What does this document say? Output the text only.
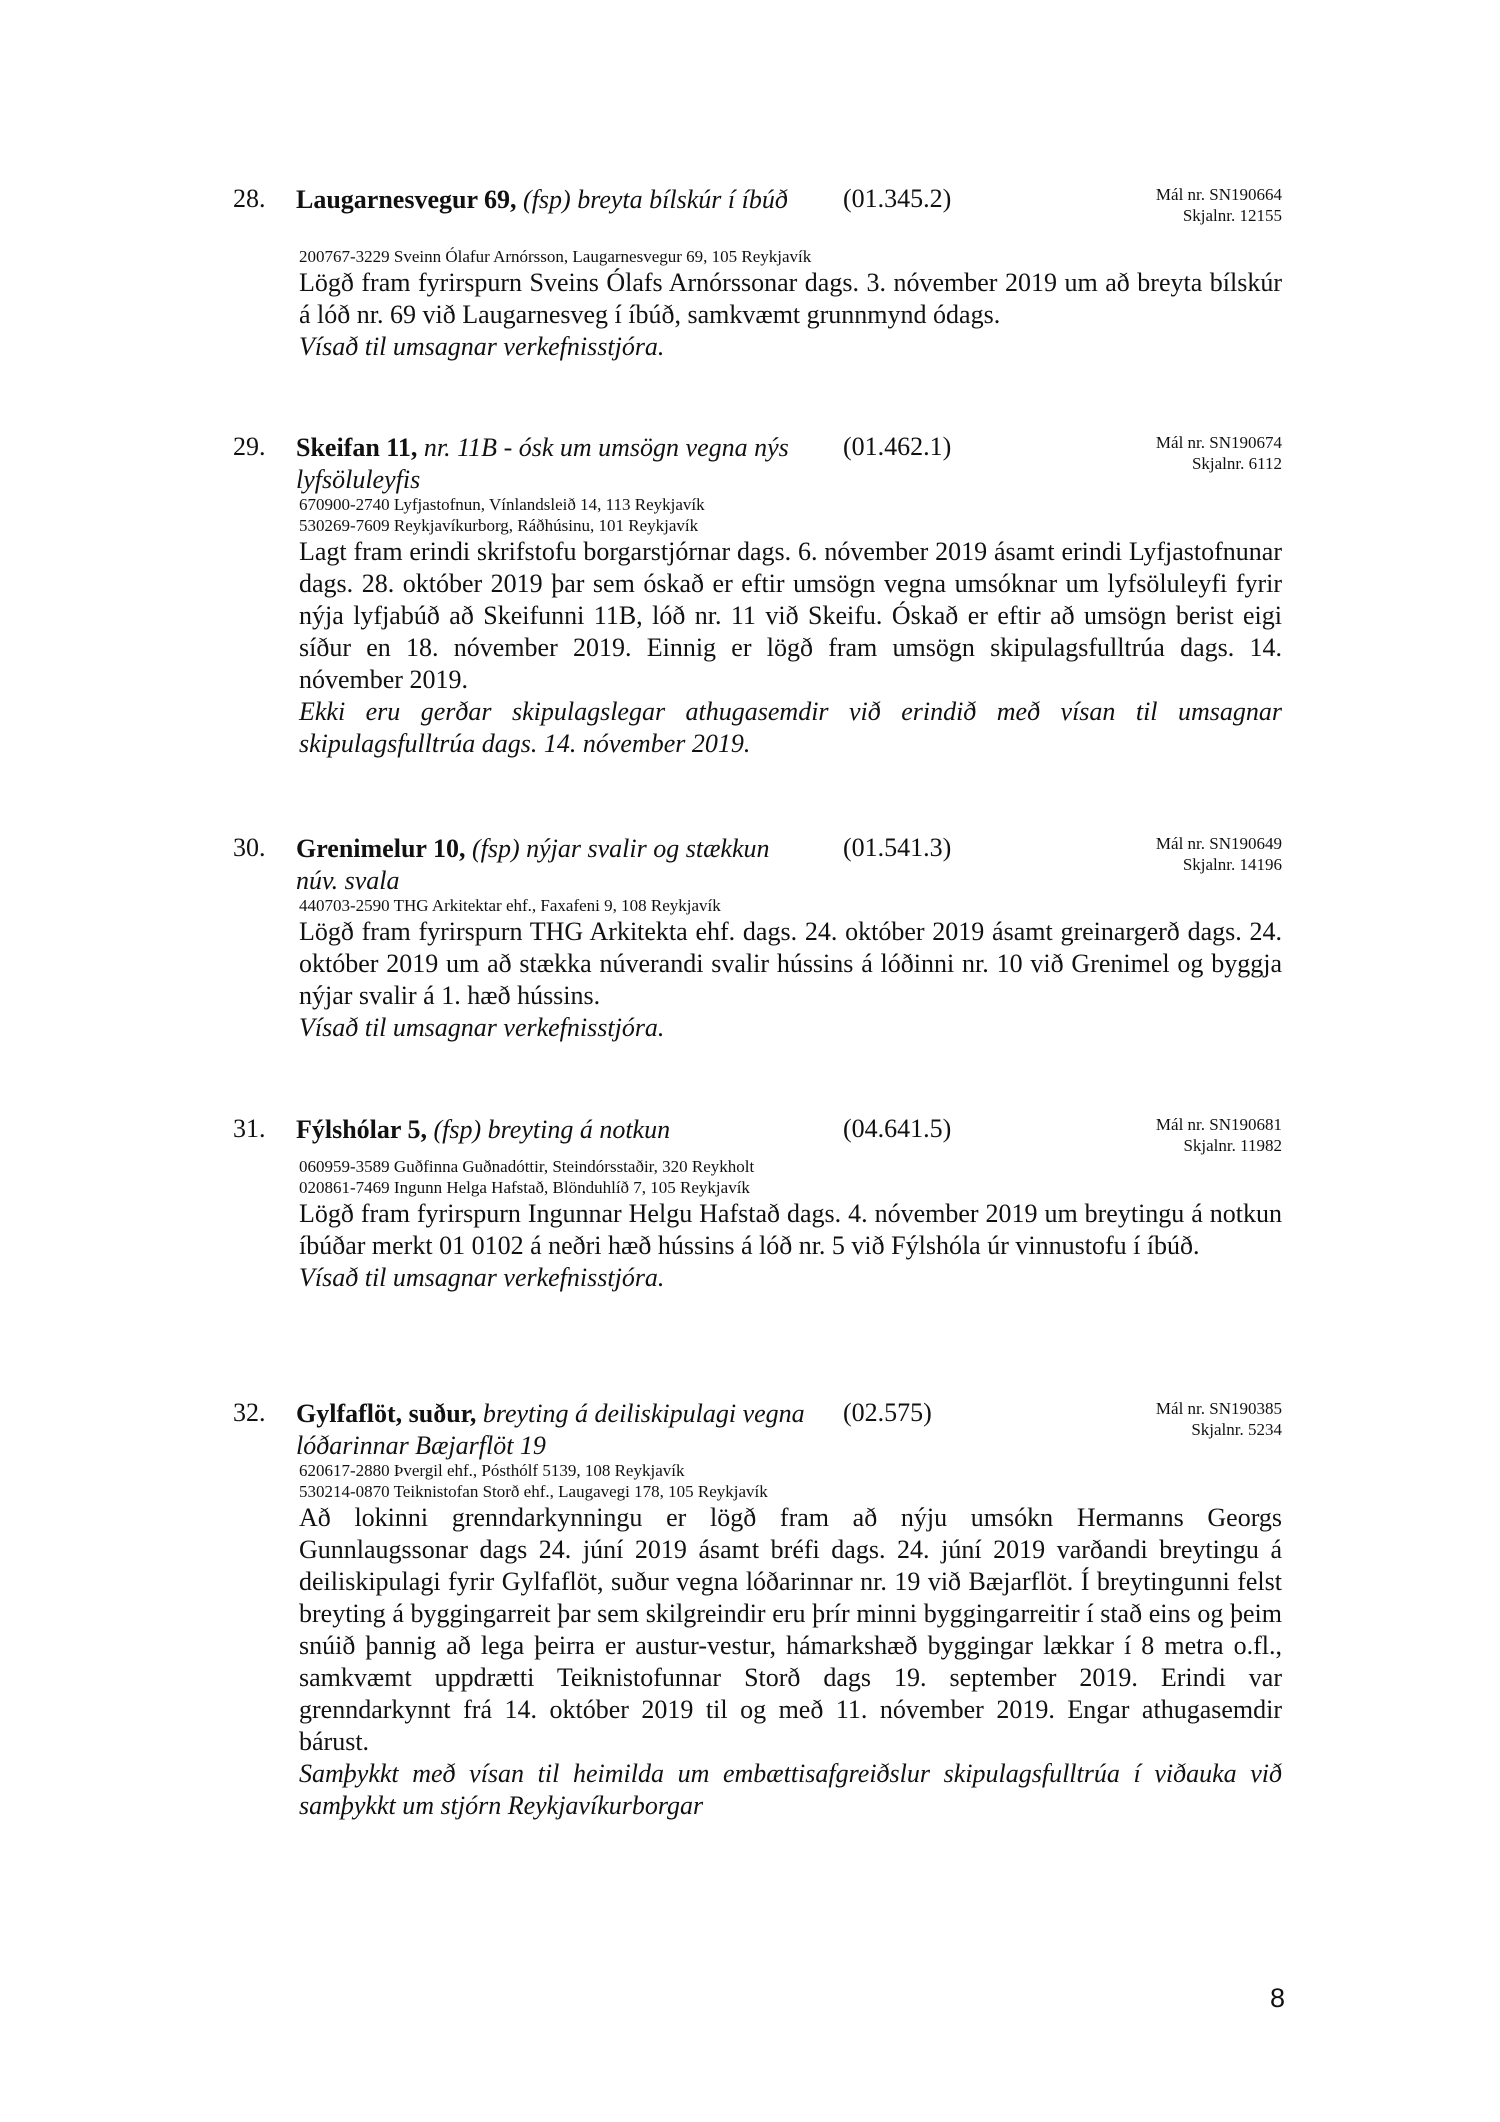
28. Laugarnesvegur 69, (fsp) breyta bílskúr í íbúð	(01.345.2)	Mál nr. SN190664
Skjalnr. 12155
200767-3229 Sveinn Ólafur Arnórsson, Laugarnesvegur 69, 105 Reykjavík

Lögð fram fyrirspurn Sveins Ólafs Arnórssonar dags. 3. nóvember 2019 um að breyta bílskúr á lóð nr. 69 við Laugarnesveg í íbúð, samkvæmt grunnmynd ódags.

Vísað til umsagnar verkefnisstjóra.

29. Skeifan 11, nr. 11B - ósk um umsögn vegna nýs lyfsöluleyfis
(01.462.1)	Mál nr. SN190674
Skjalnr. 6112
670900-2740 Lyfjastofnun, Vínlandsleið 14, 113 Reykjavík
530269-7609 Reykjavíkurborg, Ráðhúsinu, 101 Reykjavík

Lagt fram erindi skrifstofu borgarstjórnar dags. 6. nóvember 2019 ásamt erindi Lyfjastofnunar dags. 28. október 2019 þar sem óskað er eftir umsögn vegna umsóknar um lyfsöluleyfi fyrir nýja lyfjabúð að Skeifunni 11B, lóð nr. 11 við Skeifu. Óskað er eftir að umsögn berist eigi síður en 18. nóvember 2019. Einnig er lögð fram umsögn skipulagsfulltrúa dags. 14. nóvember 2019.

Ekki eru gerðar skipulagslegar athugasemdir við erindið með vísan til umsagnar skipulagsfulltrúa dags. 14. nóvember 2019.

30. Grenimelur 10, (fsp) nýjar svalir og stækkun núv. svala
(01.541.3)	Mál nr. SN190649
Skjalnr. 14196
440703-2590 THG Arkitektar ehf., Faxafeni 9, 108 Reykjavík

Lögð fram fyrirspurn THG Arkitekta ehf. dags. 24. október 2019 ásamt greinargerð dags. 24. október 2019 um að stækka núverandi svalir hússins á lóðinni nr. 10 við Grenimel og byggja nýjar svalir á 1. hæð hússins.

Vísað til umsagnar verkefnisstjóra.

31. Fýlshólar 5, (fsp) breyting á notkun	(04.641.5)	Mál nr. SN190681
Skjalnr. 11982
060959-3589 Guðfinna Guðnadóttir, Steindórsstaðir, 320 Reykholt
020861-7469 Ingunn Helga Hafstað, Blönduhlíð 7, 105 Reykjavík

Lögð fram fyrirspurn Ingunnar Helgu Hafstað dags. 4. nóvember 2019 um breytingu á notkun íbúðar merkt 01 0102 á neðri hæð hússins á lóð nr. 5 við Fýlshóla úr vinnustofu í íbúð.

Vísað til umsagnar verkefnisstjóra.

32. Gylfaflöt, suður, breyting á deiliskipulagi vegna lóðarinnar Bæjarflöt 19
(02.575)	Mál nr. SN190385
Skjalnr. 5234
620617-2880 Þvergil ehf., Pósthólf 5139, 108 Reykjavík
530214-0870 Teiknistofan Storð ehf., Laugavegi 178, 105 Reykjavík

Að lokinni grenndarkynningu er lögð fram að nýju umsókn Hermanns Georgs Gunnlaugssonar dags 24. júní 2019 ásamt bréfi dags. 24. júní 2019 varðandi breytingu á deiliskipulagi fyrir Gylfaflöt, suður vegna lóðarinnar nr. 19 við Bæjarflöt. Í breytingunni felst breyting á byggingarreit þar sem skilgreindir eru þrír minni byggingarreitir í stað eins og þeim snúið þannig að lega þeirra er austur-vestur, hámarkshæð byggingar lækkar í 8 metra o.fl., samkvæmt uppdrætti Teiknistofunnar Storð dags 19. september 2019. Erindi var grenndarkynnt frá 14. október 2019 til og með 11. nóvember 2019. Engar athugasemdir bárust.

Samþykkt með vísan til heimilda um embættisafgreiðslur skipulagsfulltrúa í viðauka við samþykkt um stjórn Reykjavíkurborgar

8
